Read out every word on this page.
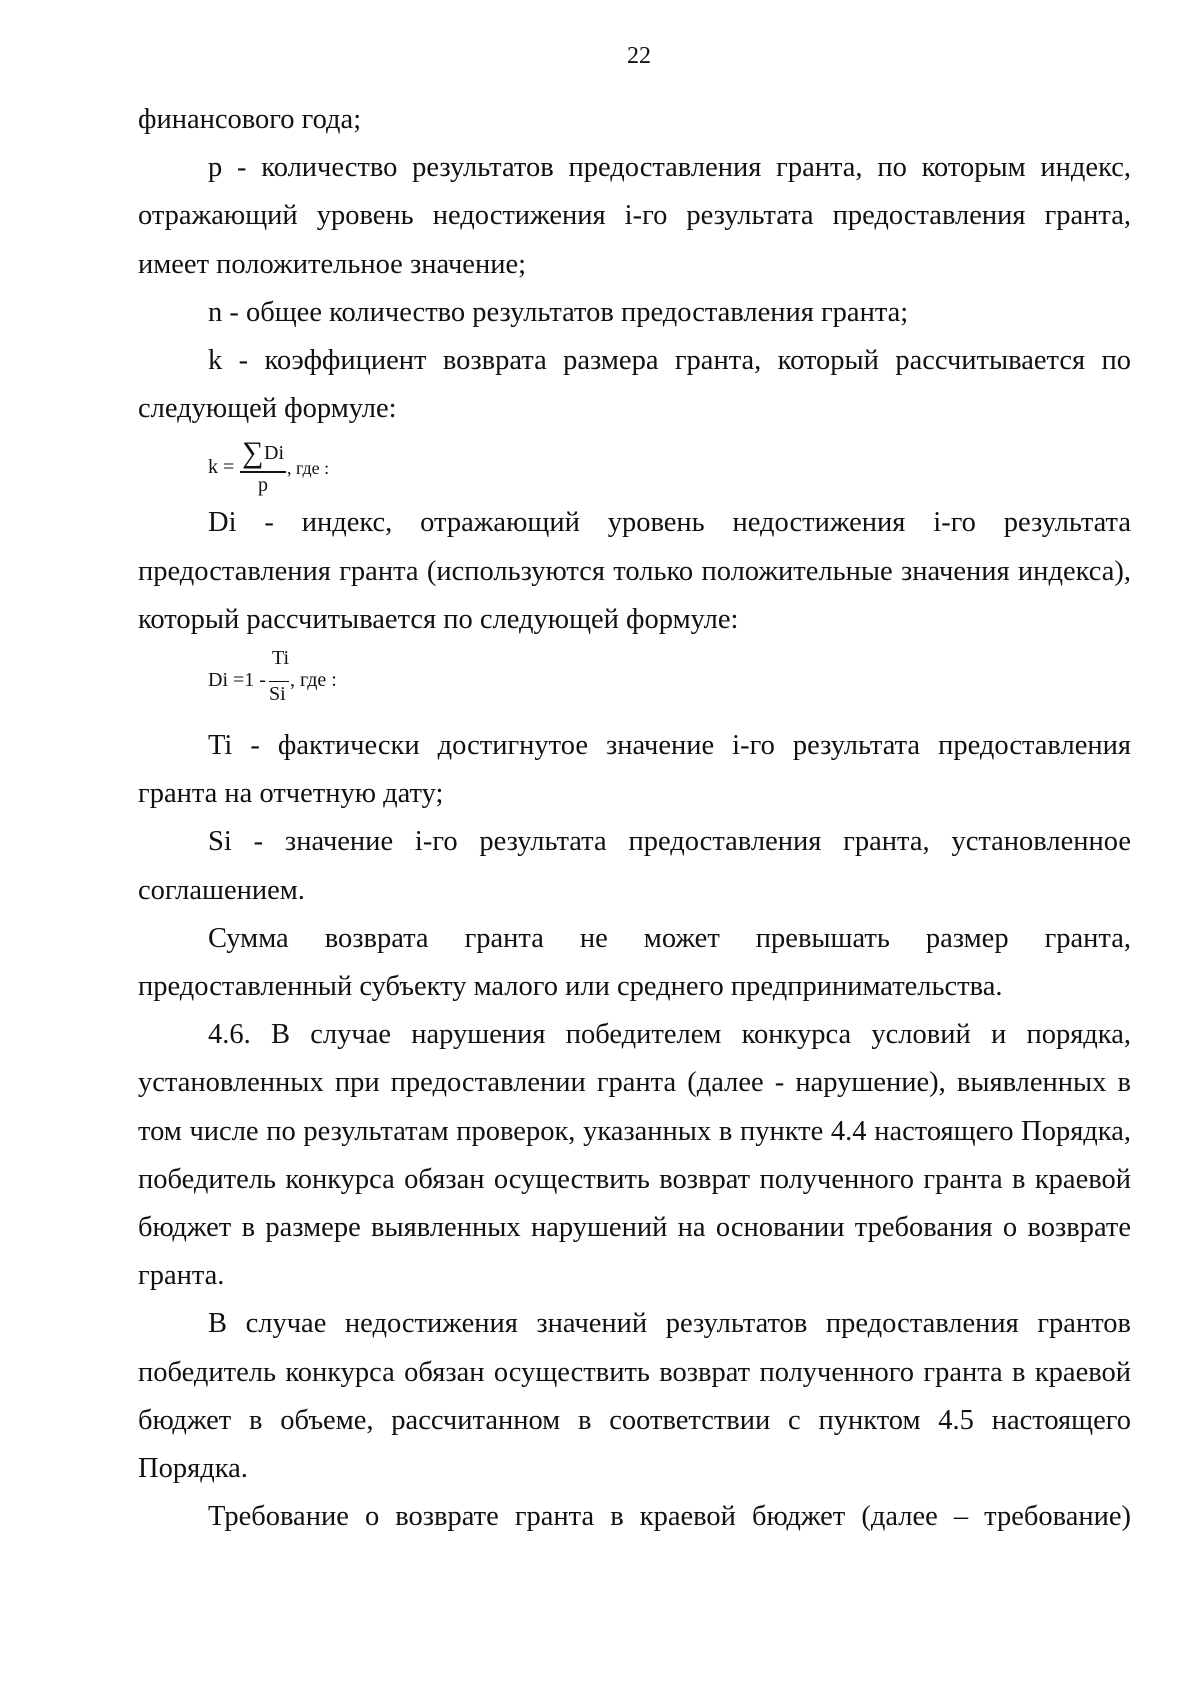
22

финансового года;

p - количество результатов предоставления гранта, по которым индекс, отражающий уровень недостижения i-го результата предоставления гранта, имеет положительное значение;

n - общее количество результатов предоставления гранта;

k - коэффициент возврата размера гранта, который рассчитывается по следующей формуле:

k = ∑ Di
p
, где :

Di - индекс, отражающий уровень недостижения i-го результата предоставления гранта (используются только положительные значения индекса), который рассчитывается по следующей формуле:

Di =1 -
Ti
Si
, где :

Ti - фактически достигнутое значение i-го результата предоставления гранта на отчетную дату;

Si - значение i-го результата предоставления гранта, установленное соглашением.

Сумма возврата гранта не может превышать размер гранта, предоставленный субъекту малого или среднего предпринимательства.

4.6. В случае нарушения победителем конкурса условий и порядка, установленных при предоставлении гранта (далее - нарушение), выявленных в том числе по результатам проверок, указанных в пункте 4.4 настоящего Порядка, победитель конкурса обязан осуществить возврат полученного гранта в краевой бюджет в размере выявленных нарушений на основании требования о возврате гранта.

В случае недостижения значений результатов предоставления грантов победитель конкурса обязан осуществить возврат полученного гранта в краевой бюджет в объеме, рассчитанном в соответствии с пунктом 4.5 настоящего Порядка.

Требование о возврате гранта в краевой бюджет (далее – требование)
